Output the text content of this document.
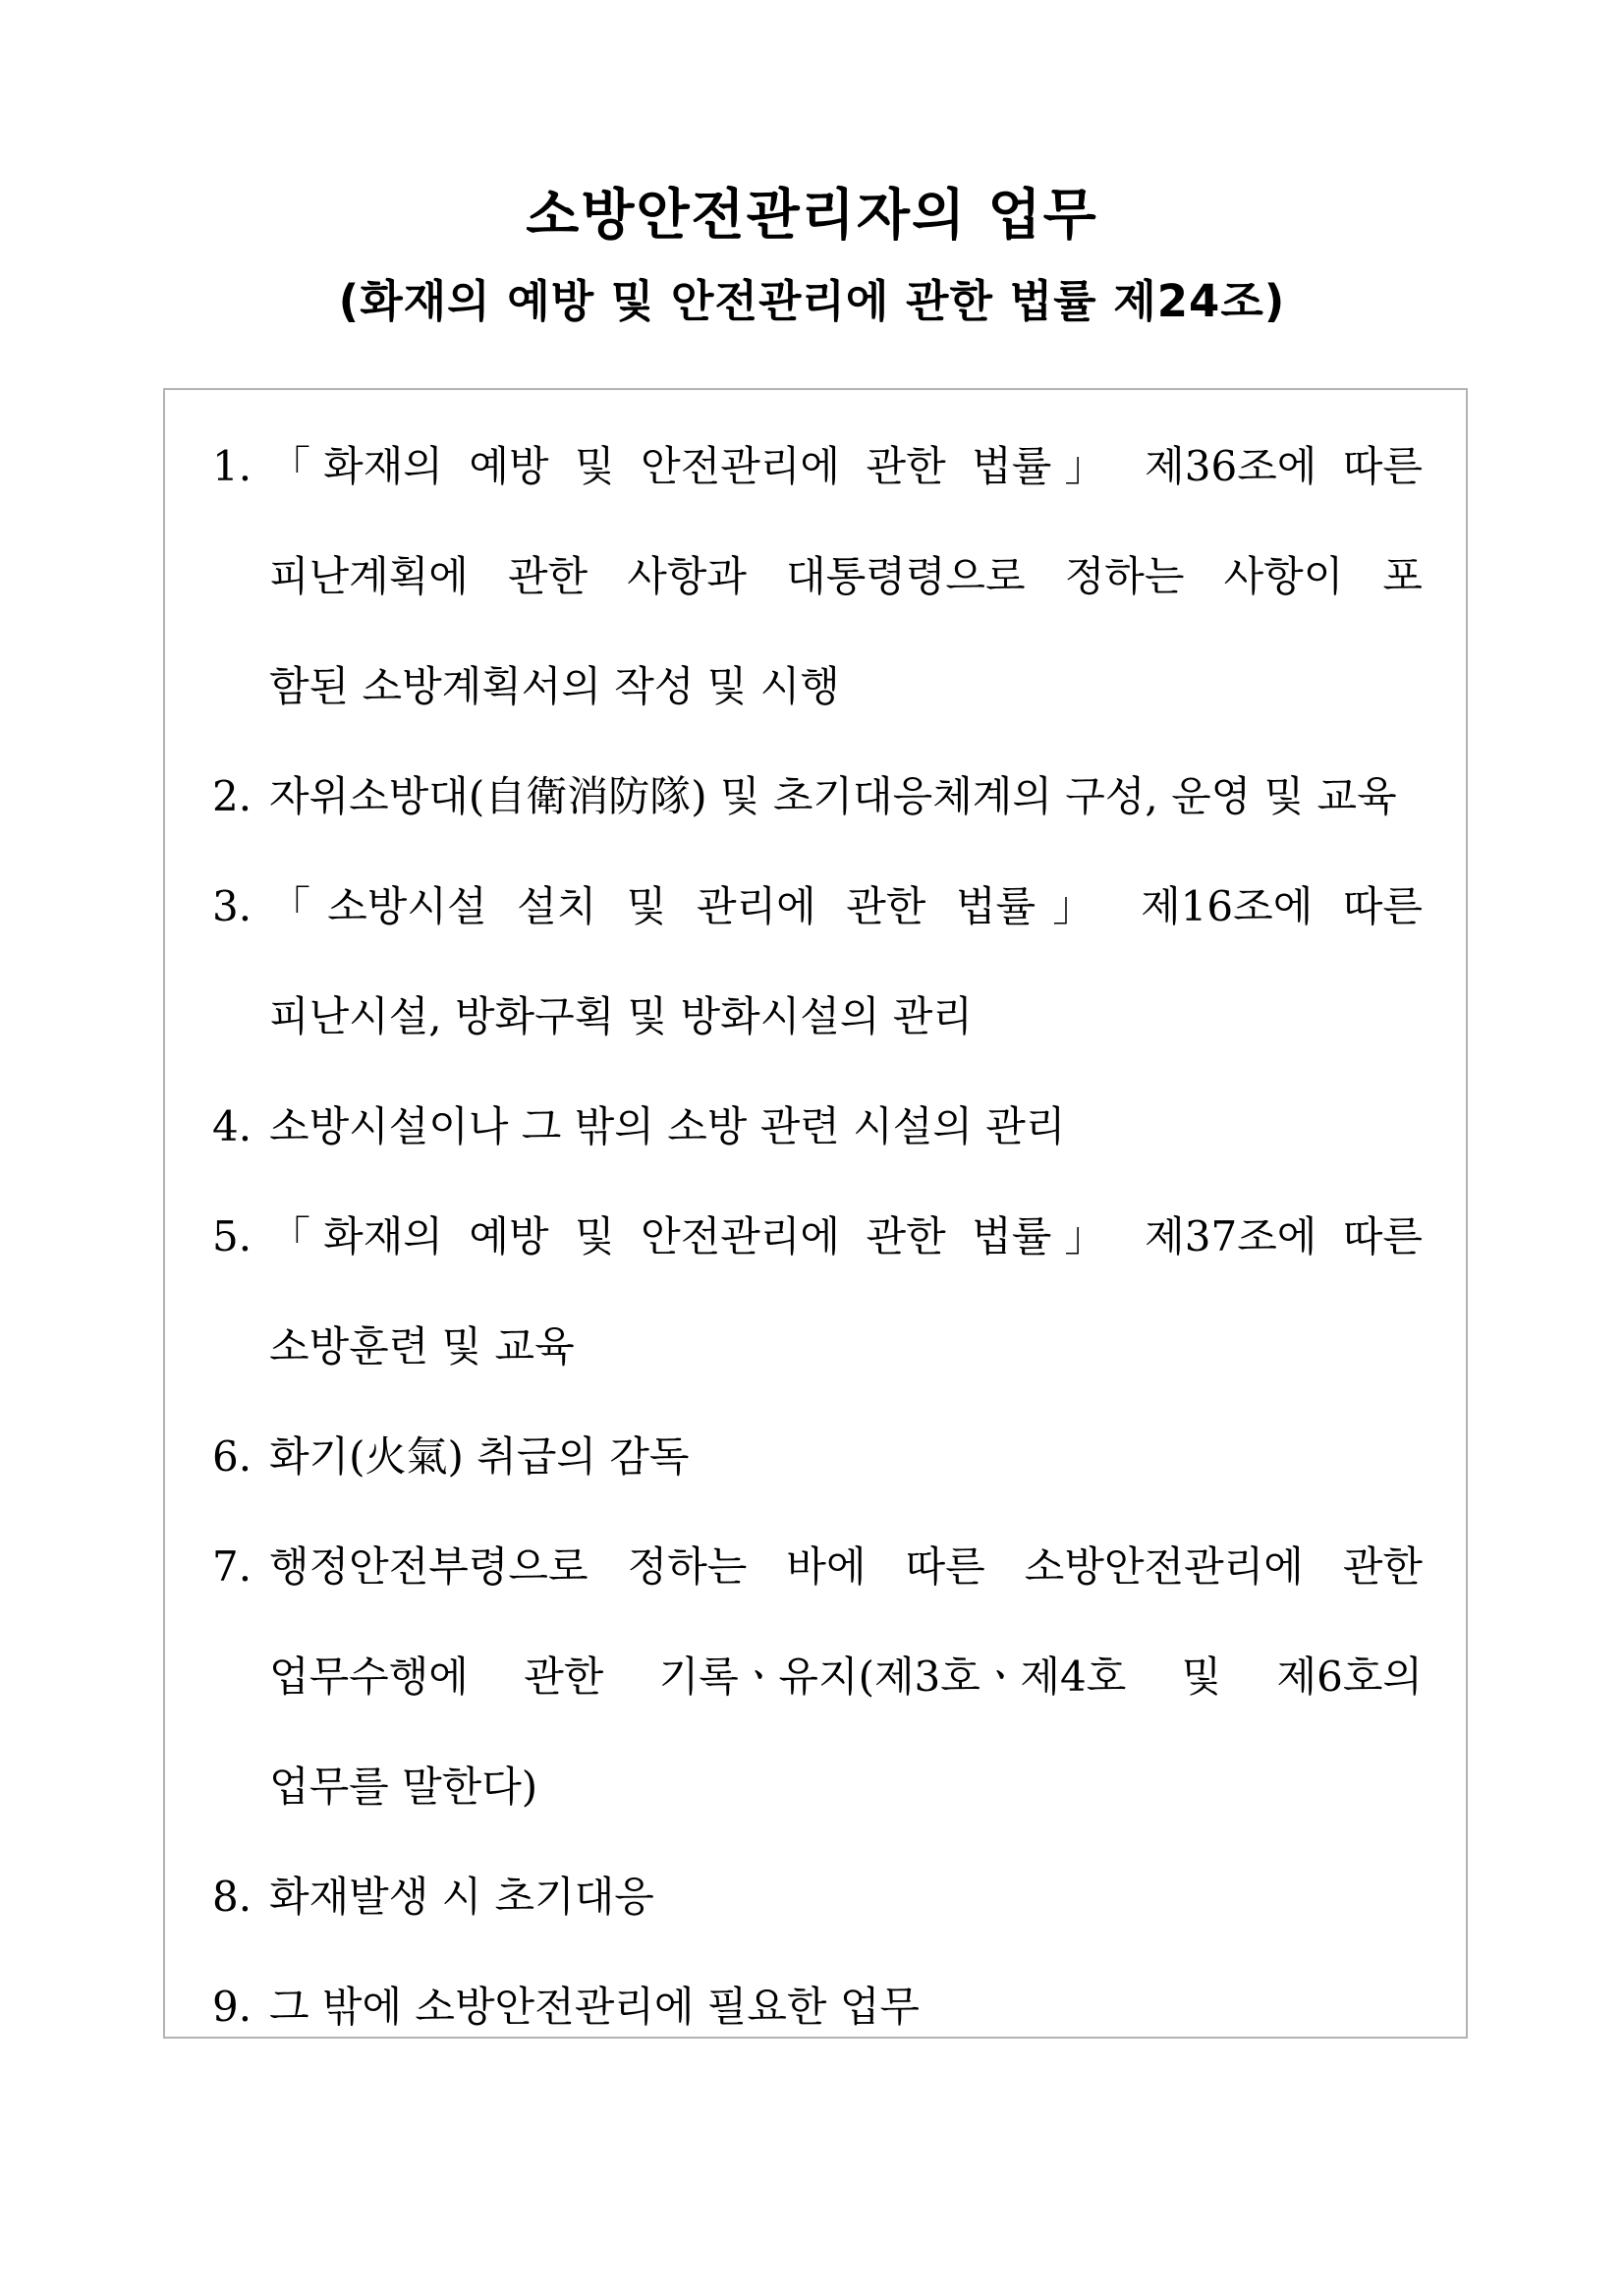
소방안전관리자의 업무
(화재의 예방 및 안전관리에 관한 법률 제24조)
1. 「화재의 예방 및 안전관리에 관한 법률」 제36조에 따른
피난계획에 관한 사항과 대통령령으로 정하는 사항이 포
함된 소방계획서의 작성 및 시행
2. 자위소방대(自衛消防隊) 및 초기대응체계의 구성, 운영 및 교육
3. 「소방시설 설치 및 관리에 관한 법률」 제16조에 따른
피난시설, 방화구획 및 방화시설의 관리
4. 소방시설이나 그 밖의 소방 관련 시설의 관리
5. 「화재의 예방 및 안전관리에 관한 법률」 제37조에 따른
소방훈련 및 교육
6. 화기(火氣) 취급의 감독
7. 행정안전부령으로 정하는 바에 따른 소방안전관리에 관한
업무수행에 관한 기록ㆍ유지(제3호ㆍ제4호 및 제6호의
업무를 말한다)
8. 화재발생 시 초기대응
9. 그 밖에 소방안전관리에 필요한 업무
